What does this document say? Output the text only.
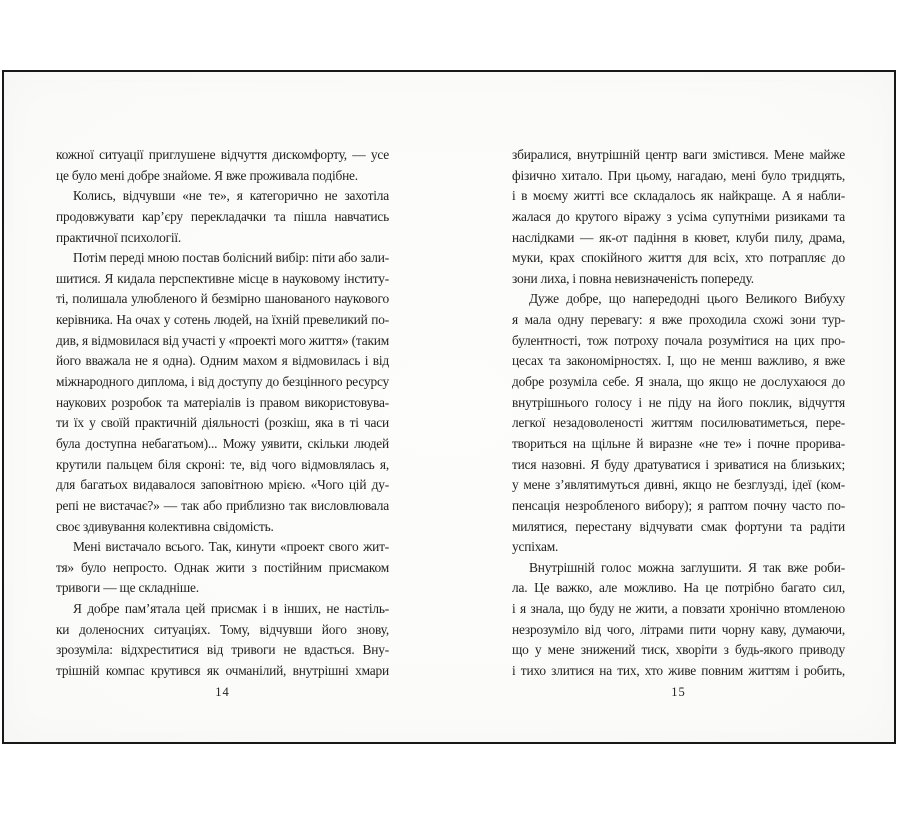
кожної ситуації приглушене відчуття дискомфорту, — усе
це було мені добре знайоме. Я вже проживала подібне.
Колись, відчувши «не те», я категорично не захотіла
продовжувати кар’єру перекладачки та пішла навчатись
практичної психології.
Потім переді мною постав болісний вибір: піти або зали-
шитися. Я кидала перспективне місце в науковому інститу-
ті, полишала улюбленого й безмірно шанованого наукового
керівника. На очах у сотень людей, на їхній превеликий по-
див, я відмовилася від участі у «проекті мого життя» (таким
його вважала не я одна). Одним махом я відмовилась і від
міжнародного диплома, і від доступу до безцінного ресурсу
наукових розробок та матеріалів із правом використовува-
ти їх у своїй практичній діяльності (розкіш, яка в ті часи
була доступна небагатьом)... Можу уявити, скільки людей
крутили пальцем біля скроні: те, від чого відмовлялась я,
для багатьох видавалося заповітною мрією. «Чого цій ду-
репі не вистачає?» — так або приблизно так висловлювала
своє здивування колективна свідомість.
Мені вистачало всього. Так, кинути «проект свого жит-
тя» було непросто. Однак жити з постійним присмаком
тривоги — ще складніше.
Я добре пам’ятала цей присмак і в інших, не настіль-
ки доленосних ситуаціях. Тому, відчувши його знову,
зрозуміла: відхреститися від тривоги не вдасться. Вну-
трішній компас крутився як очманілий, внутрішні хмари
збиралися, внутрішній центр ваги змістився. Мене майже
фізично хитало. При цьому, нагадаю, мені було тридцять,
і в моєму житті все складалось як найкраще. А я набли-
жалася до крутого віражу з усіма супутніми ризиками та
наслідками — як-от падіння в кювет, клуби пилу, драма,
муки, крах спокійного життя для всіх, хто потрапляє до
зони лиха, і повна невизначеність попереду.
Дуже добре, що напередодні цього Великого Вибуху
я мала одну перевагу: я вже проходила схожі зони тур-
булентності, тож потроху почала розумітися на цих про-
цесах та закономірностях. І, що не менш важливо, я вже
добре розуміла себе. Я знала, що якщо не дослухаюся до
внутрішнього голосу і не піду на його поклик, відчуття
легкої незадоволеності життям посилюватиметься, пере-
твориться на щільне й виразне «не те» і почне прорива-
тися назовні. Я буду дратуватися і зриватися на близьких;
у мене з’являтимуться дивні, якщо не безглузді, ідеї (ком-
пенсація незробленого вибору); я раптом почну часто по-
милятися, перестану відчувати смак фортуни та радіти
успіхам.
Внутрішній голос можна заглушити. Я так вже роби-
ла. Це важко, але можливо. На це потрібно багато сил,
і я знала, що буду не жити, а повзати хронічно втомленою
незрозуміло від чого, літрами пити чорну каву, думаючи,
що у мене знижений тиск, хворіти з будь-якого приводу
і тихо злитися на тих, хто живе повним життям і робить,
14	15
